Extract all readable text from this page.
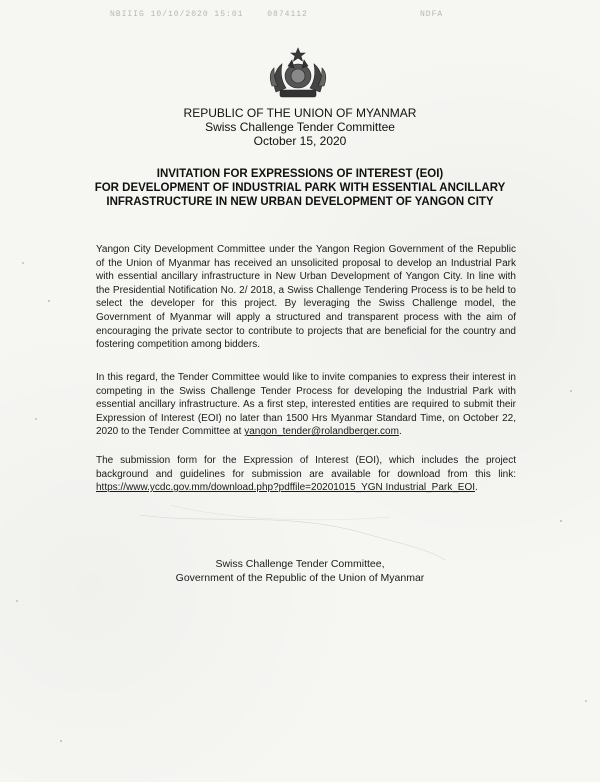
NBIIIG 10/10/2020 15:01	0874112	NDFA
REPUBLIC OF THE UNION OF MYANMAR
Swiss Challenge Tender Committee
October 15, 2020
INVITATION FOR EXPRESSIONS OF INTEREST (EOI)
FOR DEVELOPMENT OF INDUSTRIAL PARK WITH ESSENTIAL ANCILLARY
INFRASTRUCTURE IN NEW URBAN DEVELOPMENT OF YANGON CITY
Yangon City Development Committee under the Yangon Region Government of the Republic of the Union of Myanmar has received an unsolicited proposal to develop an Industrial Park with essential ancillary infrastructure in New Urban Development of Yangon City. In line with the Presidential Notification No. 2/ 2018, a Swiss Challenge Tendering Process is to be held to select the developer for this project. By leveraging the Swiss Challenge model, the Government of Myanmar will apply a structured and transparent process with the aim of encouraging the private sector to contribute to projects that are beneficial for the country and fostering competition among bidders.
In this regard, the Tender Committee would like to invite companies to express their interest in competing in the Swiss Challenge Tender Process for developing the Industrial Park with essential ancillary infrastructure. As a first step, interested entities are required to submit their Expression of Interest (EOI) no later than 1500 Hrs Myanmar Standard Time, on October 22, 2020 to the Tender Committee at yangon_tender@rolandberger.com.
The submission form for the Expression of Interest (EOI), which includes the project background and guidelines for submission are available for download from this link: https://www.ycdc.gov.mm/download.php?pdffile=20201015_YGN Industrial_Park_EOI.
Swiss Challenge Tender Committee,
Government of the Republic of the Union of Myanmar
